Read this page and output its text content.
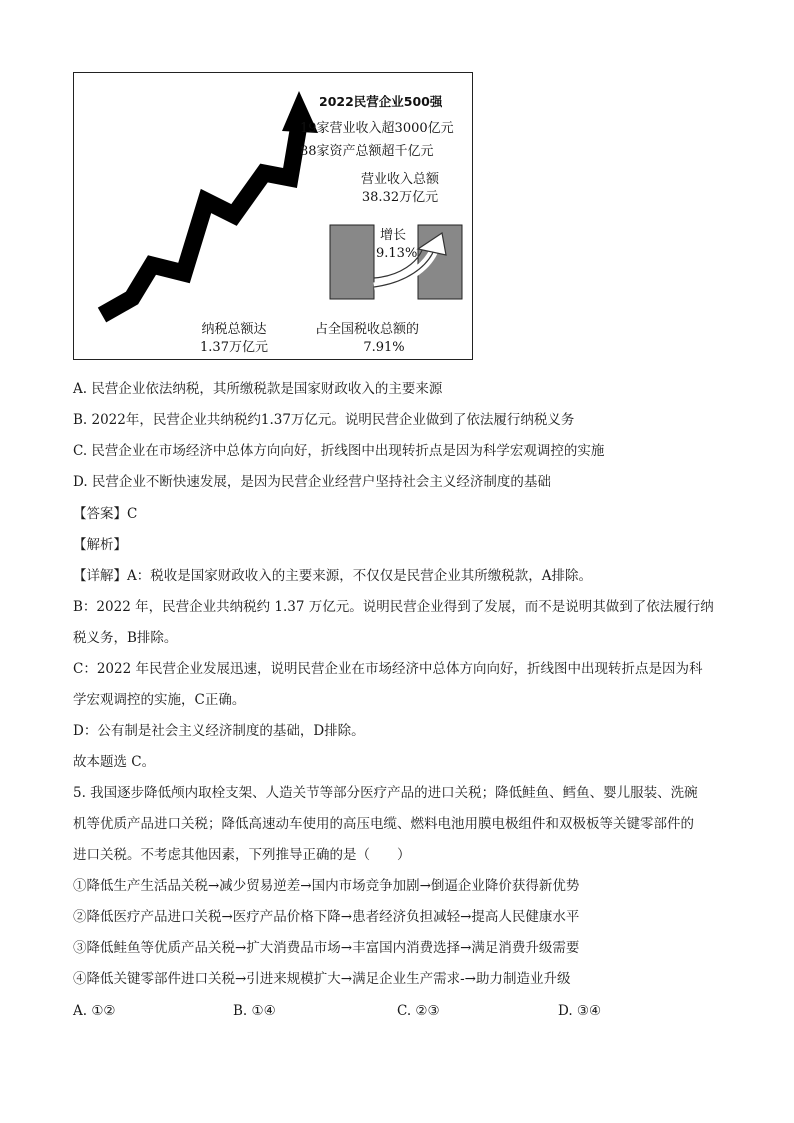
2022民营企业500强
19家营业收入超3000亿元
88家资产总额超千亿元
营业收入总额
38.32万亿元
增长
9.13%
纳税总额达
1.37万亿元
占全国税收总额的
7.91%
A. 民营企业依法纳税，其所缴税款是国家财政收入的主要来源
B. 2022年，民营企业共纳税约1.37万亿元。说明民营企业做到了依法履行纳税义务
C. 民营企业在市场经济中总体方向向好，折线图中出现转折点是因为科学宏观调控的实施
D. 民营企业不断快速发展，是因为民营企业经营户坚持社会主义经济制度的基础
【答案】C
【解析】
【详解】A：税收是国家财政收入的主要来源，不仅仅是民营企业其所缴税款，A排除。
B：2022 年，民营企业共纳税约 1.37 万亿元。说明民营企业得到了发展，而不是说明其做到了依法履行纳
税义务，B排除。
C：2022 年民营企业发展迅速，说明民营企业在市场经济中总体方向向好，折线图中出现转折点是因为科
学宏观调控的实施，C正确。
D：公有制是社会主义经济制度的基础，D排除。
故本题选 C。
5. 我国逐步降低颅内取栓支架、人造关节等部分医疗产品的进口关税；降低鲑鱼、鳕鱼、婴儿服装、洗碗
机等优质产品进口关税；降低高速动车使用的高压电缆、燃料电池用膜电极组件和双极板等关键零部件的
进口关税。不考虑其他因素，下列推导正确的是（　　）
①降低生产生活品关税→减少贸易逆差→国内市场竞争加剧→倒逼企业降价获得新优势
②降低医疗产品进口关税→医疗产品价格下降→患者经济负担减轻→提高人民健康水平
③降低鲑鱼等优质产品关税→扩大消费品市场→丰富国内消费选择→满足消费升级需要
④降低关键零部件进口关税→引进来规模扩大→满足企业生产需求-→助力制造业升级
A. ①②	B. ①④	C. ②③	D. ③④
